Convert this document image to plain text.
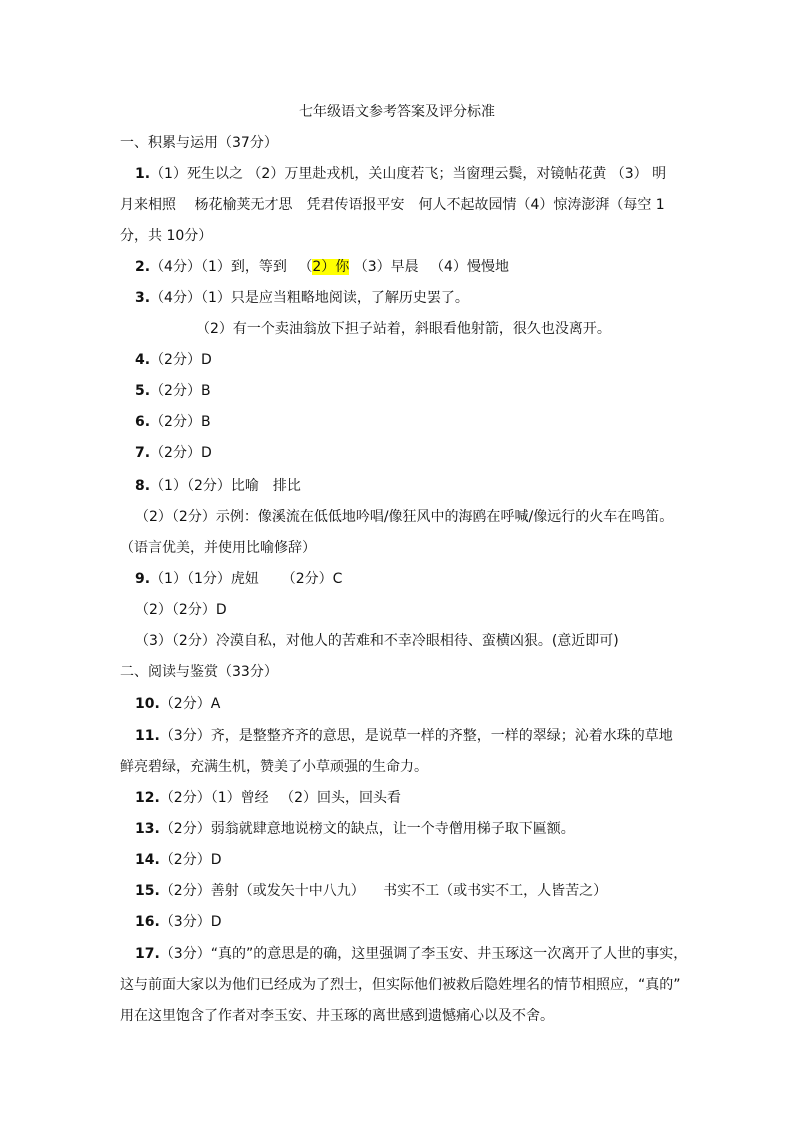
七年级语文参考答案及评分标准
一、积累与运用（37分）
1.（1）死生以之 （2）万里赴戎机，关山度若飞；当窗理云鬓，对镜帖花黄 （3） 明
月来相照　 杨花榆荚无才思　凭君传语报平安　何人不起故园情（4）惊涛澎湃（每空 1
分，共 10分）
2.（4分）（1）到，等到 　（2）你 （3）早晨 　（4）慢慢地
3.（4分）（1）只是应当粗略地阅读，了解历史罢了。
（2）有一个卖油翁放下担子站着，斜眼看他射箭，很久也没离开。
4.（2分）D
5.（2分）B
6.（2分）B
7.（2分）D
8.（1）（2分）比喻　排比
（2）（2分）示例：像溪流在低低地吟唱/像狂风中的海鸥在呼喊/像远行的火车在鸣笛。
（语言优美，并使用比喻修辞）
9.（1）（1分）虎妞 　 （2分）C
（2）（2分）D
（3）（2分）冷漠自私，对他人的苦难和不幸冷眼相待、蛮横凶狠。(意近即可)
二、阅读与鉴赏（33分）
10.（2分）A
11.（3分）齐，是整整齐齐的意思，是说草一样的齐整，一样的翠绿；沁着水珠的草地
鲜亮碧绿，充满生机，赞美了小草顽强的生命力。
12.（2分）（1）曾经 　（2）回头，回头看
13.（2分）弱翁就肆意地说榜文的缺点，让一个寺僧用梯子取下匾额。
14.（2分）D
15.（2分）善射（或发矢十中八九） 　书实不工（或书实不工，人皆苦之）
16.（3分）D
17.（3分）“真的”的意思是的确，这里强调了李玉安、井玉琢这一次离开了人世的事实，
这与前面大家以为他们已经成为了烈士，但实际他们被救后隐姓埋名的情节相照应，“真的”
用在这里饱含了作者对李玉安、井玉琢的离世感到遗憾痛心以及不舍。
